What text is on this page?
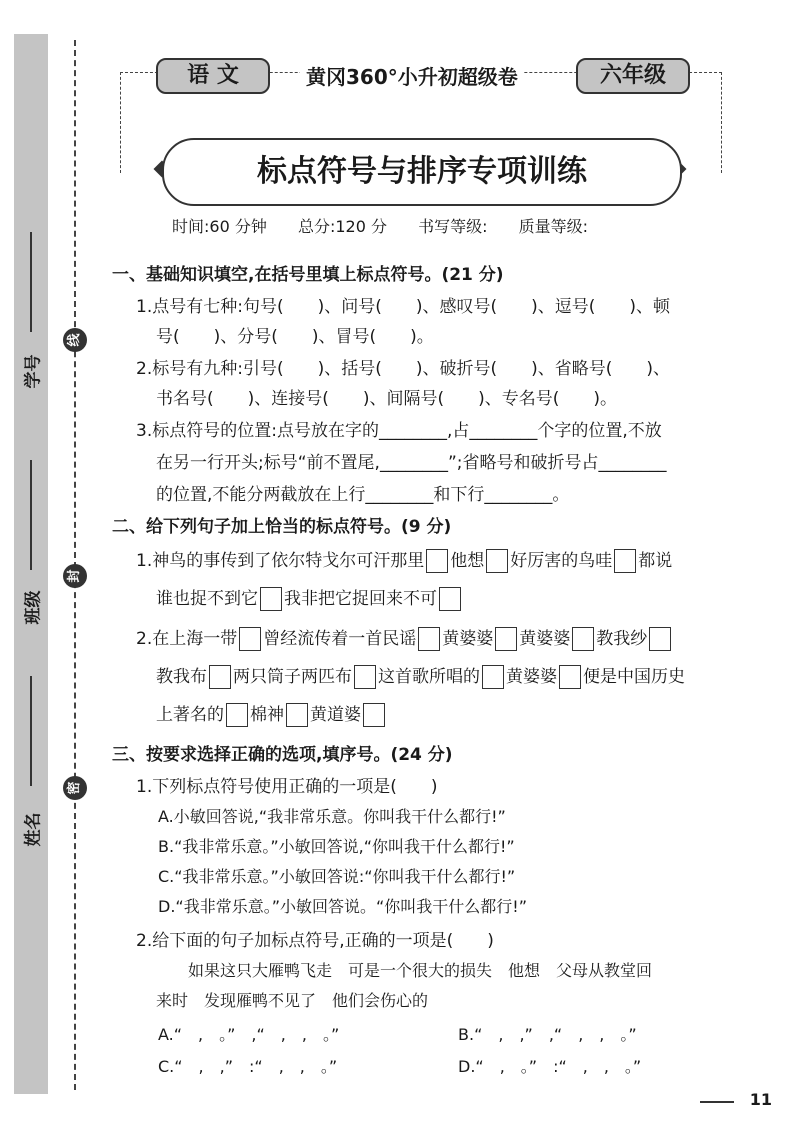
线
封
密
学号
班级
姓名
语 文	黄冈360°小升初超级卷	六年级
标点符号与排序专项训练
时间:60 分钟 总分:120 分 书写等级: 质量等级:
一、基础知识填空,在括号里填上标点符号。(21 分)
1.点号有七种:句号(　　)、问号(　　)、感叹号(　　)、逗号(　　)、顿
号(　　)、分号(　　)、冒号(　　)。
2.标号有九种:引号(　　)、括号(　　)、破折号(　　)、省略号(　　)、
书名号(　　)、连接号(　　)、间隔号(　　)、专名号(　　)。
3.标点符号的位置:点号放在字的________,占________个字的位置,不放
在另一行开头;标号“前不置尾,________”;省略号和破折号占________
的位置,不能分两截放在上行________和下行________。
二、给下列句子加上恰当的标点符号。(9 分)
1.神鸟的事传到了依尔特戈尔可汗那里 他想 好厉害的鸟哇 都说
谁也捉不到它 我非把它捉回来不可
2.在上海一带 曾经流传着一首民谣 黄婆婆 黄婆婆 教我纱
教我布 两只筒子两匹布 这首歌所唱的 黄婆婆 便是中国历史
上著名的 棉神 黄道婆
三、按要求选择正确的选项,填序号。(24 分)
1.下列标点符号使用正确的一项是(　　)
A.小敏回答说,“我非常乐意。你叫我干什么都行!”
B.“我非常乐意。”小敏回答说,“你叫我干什么都行!”
C.“我非常乐意。”小敏回答说:“你叫我干什么都行!”
D.“我非常乐意。”小敏回答说。“你叫我干什么都行!”
2.给下面的句子加标点符号,正确的一项是(　　)
如果这只大雁鸭飞走　可是一个很大的损失　他想　父母从教堂回
来时　发现雁鸭不见了　他们会伤心的
A.“　,　。”　,“　,　,　。”	B.“　,　,”　,“　,　,　。”
C.“　,　,”　:“　,　,　。”	D.“　,　。”　:“　,　,　。”
11
